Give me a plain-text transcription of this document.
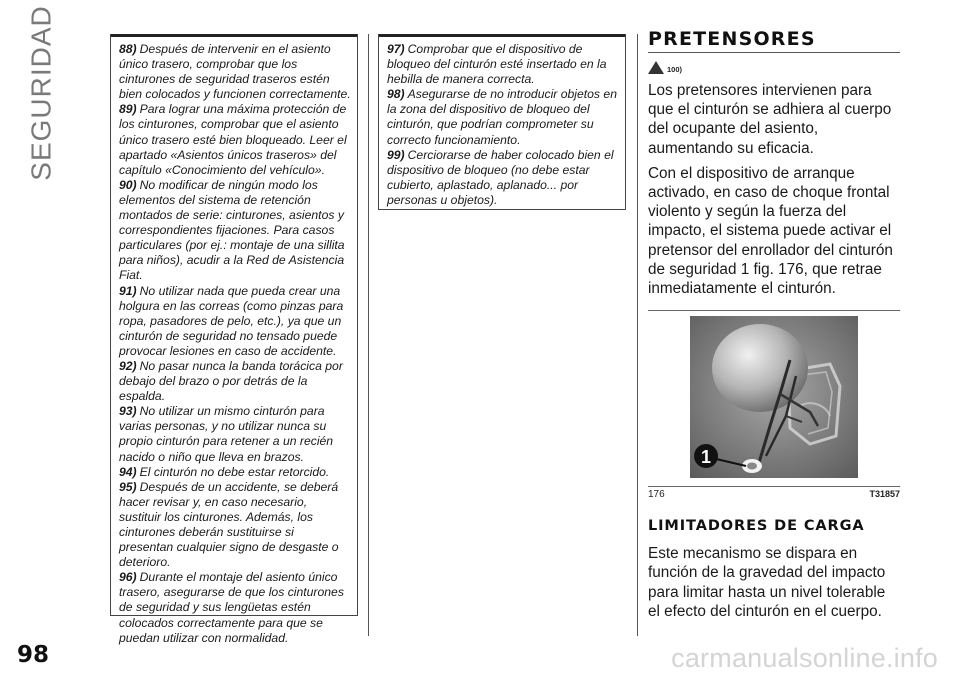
SEGURIDAD	88) Después de intervenir en el asiento único trasero, comprobar que los cinturones de seguridad traseros estén bien colocados y funcionen correctamente.

89) Para lograr una máxima protección de los cinturones, comprobar que el asiento único trasero esté bien bloqueado. Leer el apartado «Asientos únicos traseros» del capítulo «Conocimiento del vehículo».

90) No modificar de ningún modo los elementos del sistema de retención montados de serie: cinturones, asientos y correspondientes fijaciones. Para casos particulares (por ej.: montaje de una sillita para niños), acudir a la Red de Asistencia Fiat.

91) No utilizar nada que pueda crear una holgura en las correas (como pinzas para ropa, pasadores de pelo, etc.), ya que un cinturón de seguridad no tensado puede provocar lesiones en caso de accidente.

92) No pasar nunca la banda torácica por debajo del brazo o por detrás de la espalda.

93) No utilizar un mismo cinturón para varias personas, y no utilizar nunca su propio cinturón para retener a un recién nacido o niño que lleva en brazos.

94) El cinturón no debe estar retorcido.

95) Después de un accidente, se deberá hacer revisar y, en caso necesario, sustituir los cinturones. Además, los cinturones deberán sustituirse si presentan cualquier signo de desgaste o deterioro.

96) Durante el montaje del asiento único trasero, asegurarse de que los cinturones de seguridad y sus lengüetas estén colocados correctamente para que se puedan utilizar con normalidad.

97) Comprobar que el dispositivo de bloqueo del cinturón esté insertado en la hebilla de manera correcta.

98) Asegurarse de no introducir objetos en la zona del dispositivo de bloqueo del cinturón, que podrían comprometer su correcto funcionamiento.

99) Cerciorarse de haber colocado bien el dispositivo de bloqueo (no debe estar cubierto, aplastado, aplanado... por personas u objetos).

PRETENSORES
100)

Los pretensores intervienen para que el cinturón se adhiera al cuerpo del ocupante del asiento, aumentando su eficacia.

Con el dispositivo de arranque activado, en caso de choque frontal violento y según la fuerza del impacto, el sistema puede activar el pretensor del enrollador del cinturón de seguridad 1 fig. 176, que retrae inmediatamente el cinturón.

1
176	T31857
LIMITADORES DE CARGA

Este mecanismo se dispara en función de la gravedad del impacto para limitar hasta un nivel tolerable el efecto del cinturón en el cuerpo.

98	carmanualsonline.info
